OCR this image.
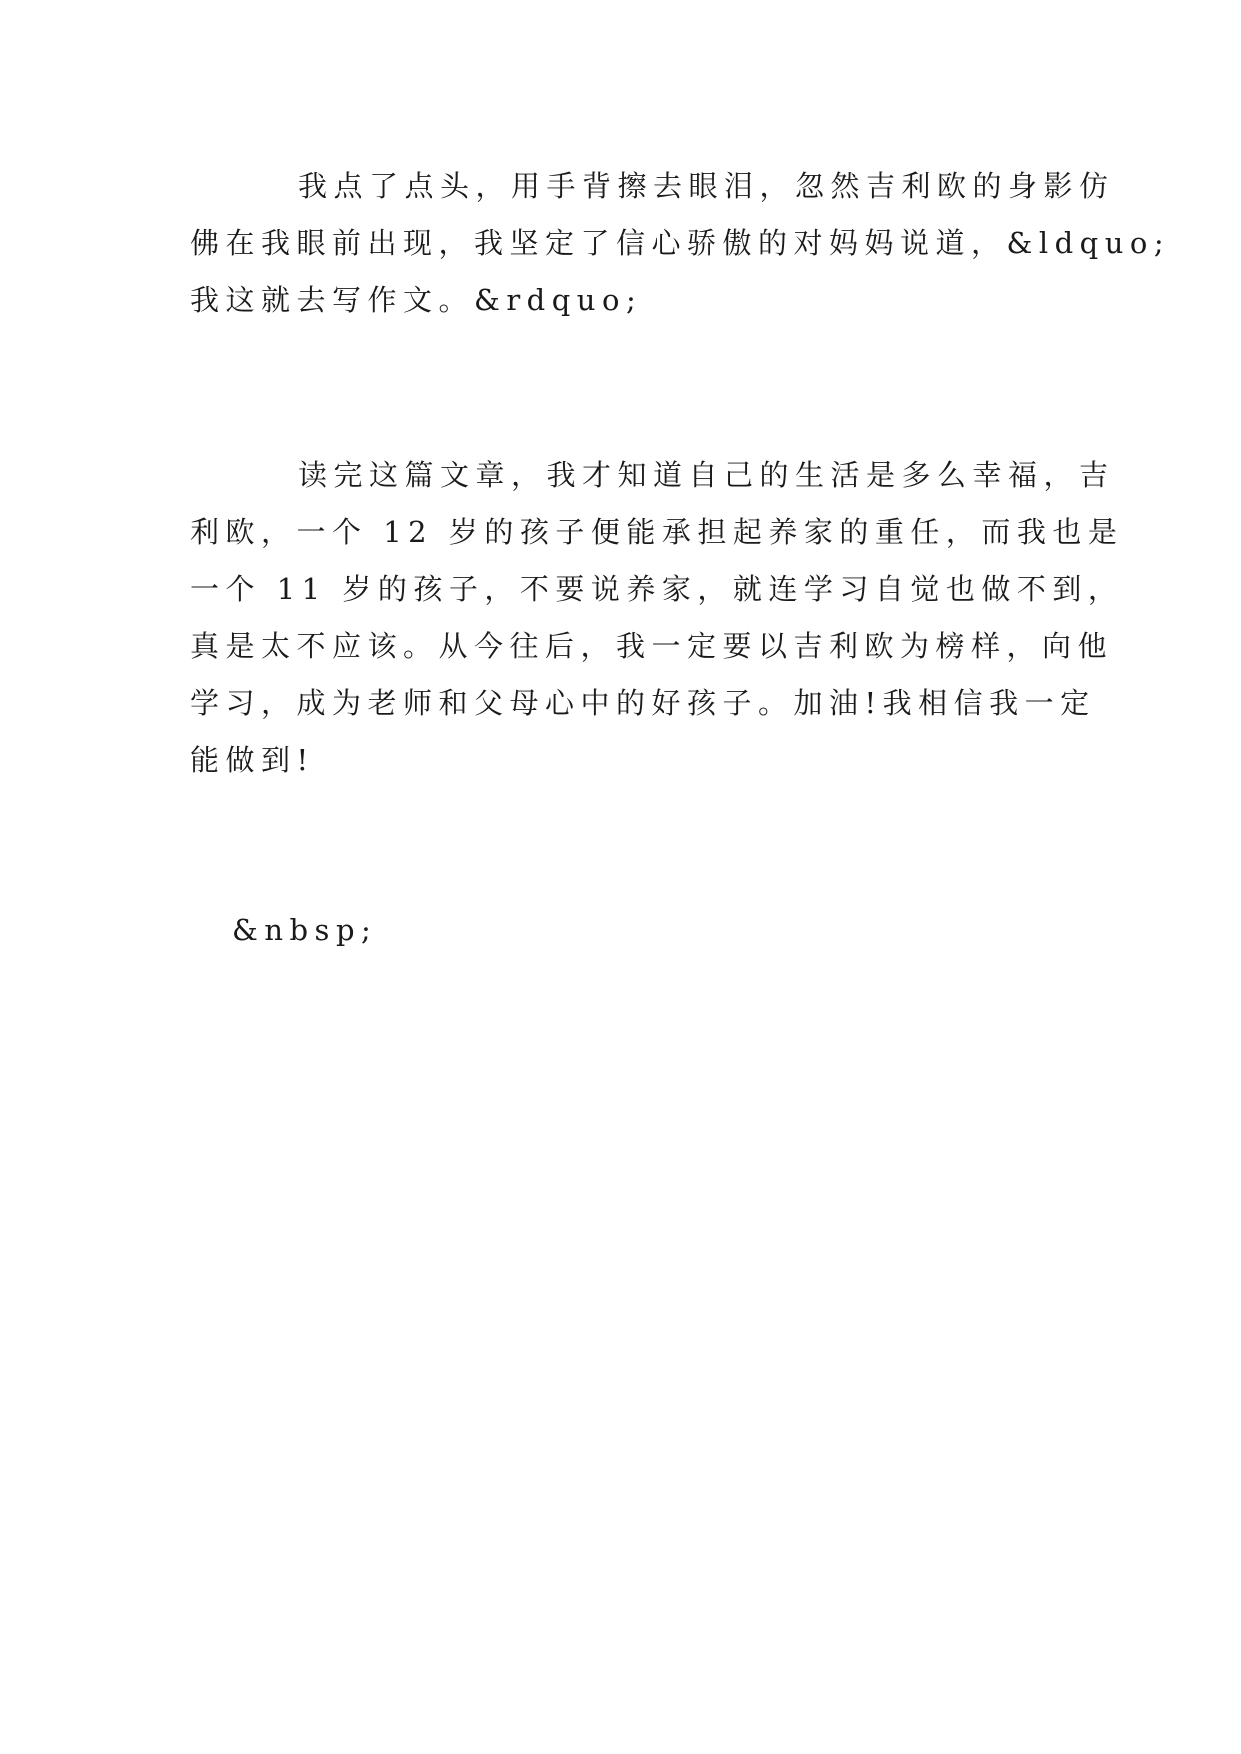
我点了点头，用手背擦去眼泪，忽然吉利欧的身影仿
佛在我眼前出现，我坚定了信心骄傲的对妈妈说道，&ldquo;
我这就去写作文。&rdquo;
读完这篇文章，我才知道自己的生活是多么幸福，吉
利欧，一个 12 岁的孩子便能承担起养家的重任，而我也是
一个 11 岁的孩子，不要说养家，就连学习自觉也做不到，
真是太不应该。从今往后，我一定要以吉利欧为榜样，向他
学习，成为老师和父母心中的好孩子。加油!我相信我一定
能做到!
&nbsp;
